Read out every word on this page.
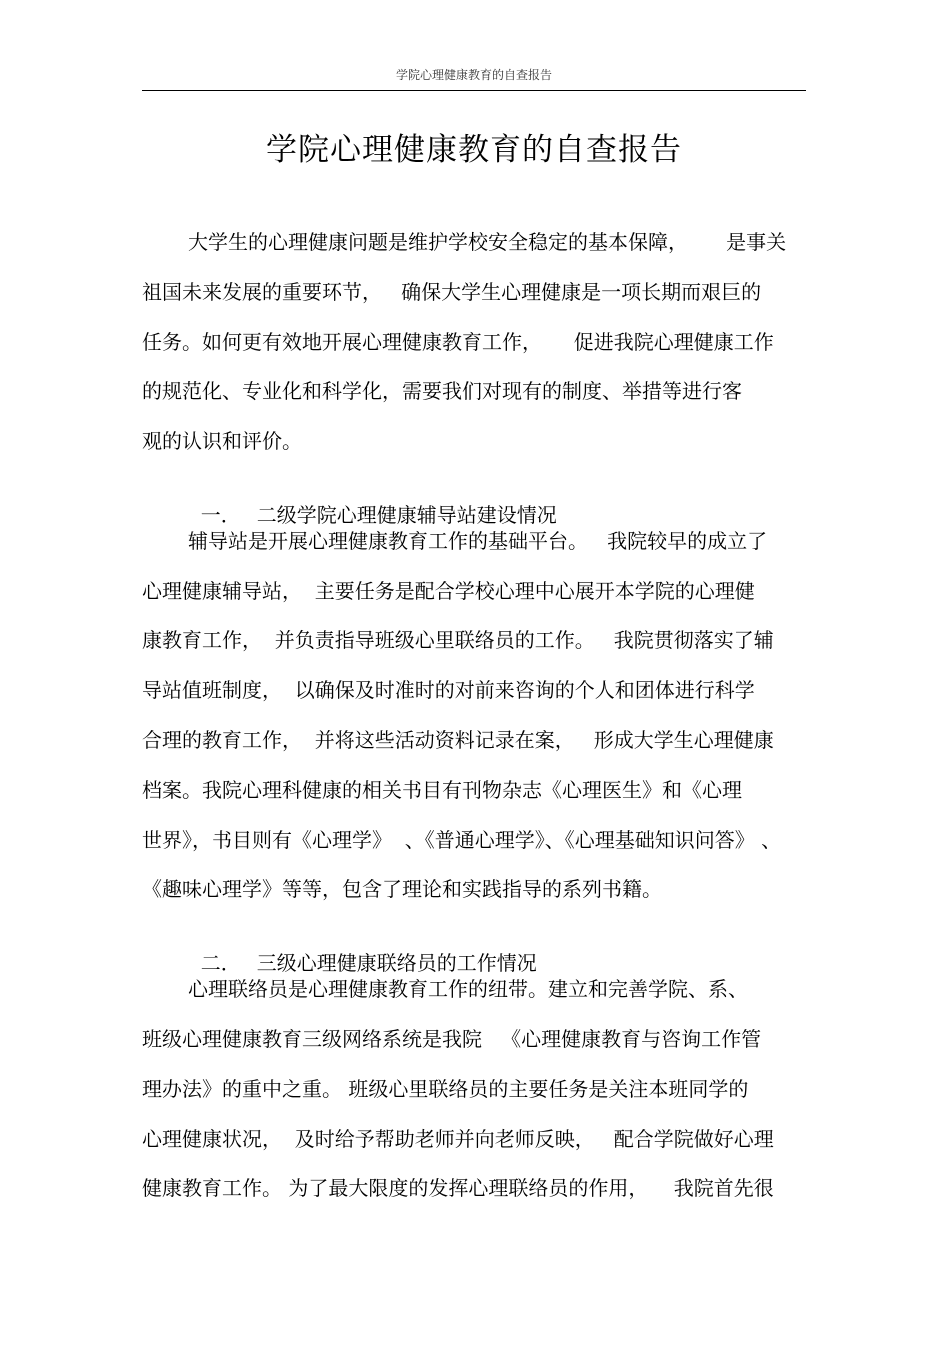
学院心理健康教育的自查报告
学院心理健康教育的自查报告
大学生的心理健康问题是维护学校安全稳定的基本保障，      是事关
祖国未来发展的重要环节，   确保大学生心理健康是一项长期而艰巨的
任务。如何更有效地开展心理健康教育工作，     促进我院心理健康工作
的规范化、专业化和科学化，需要我们对现有的制度、举措等进行客
观的认识和评价。

一． 二级学院心理健康辅导站建设情况

辅导站是开展心理健康教育工作的基础平台。   我院较早的成立了
心理健康辅导站，  主要任务是配合学校心理中心展开本学院的心理健
康教育工作，  并负责指导班级心里联络员的工作。   我院贯彻落实了辅
导站值班制度，  以确保及时准时的对前来咨询的个人和团体进行科学
合理的教育工作，  并将这些活动资料记录在案，   形成大学生心理健康
档案。我院心理科健康的相关书目有刊物杂志《心理医生》和《心理
世界》，书目则有《心理学》  、《普通心理学》、《心理基础知识问答》 、
《趣味心理学》等等，包含了理论和实践指导的系列书籍。

二． 三级心理健康联络员的工作情况

心理联络员是心理健康教育工作的纽带。建立和完善学院、系、
班级心理健康教育三级网络系统是我院   《心理健康教育与咨询工作管
理办法》的重中之重。 班级心里联络员的主要任务是关注本班同学的
心理健康状况，  及时给予帮助老师并向老师反映，   配合学院做好心理
健康教育工作。 为了最大限度的发挥心理联络员的作用，    我院首先很
